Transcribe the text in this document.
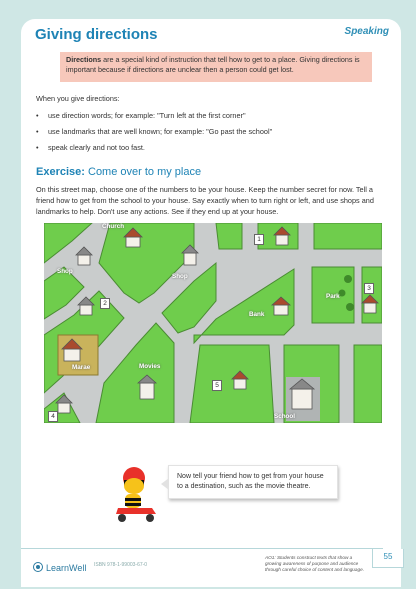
Speaking
Giving directions
Directions are a special kind of instruction that tell how to get to a place. Giving directions is important because if directions are unclear then a person could get lost.
When you give directions:
• use direction words; for example: "Turn left at the first corner"
• use landmarks that are well known; for example: "Go past the school"
• speak clearly and not too fast.
Exercise: Come over to my place
On this street map, choose one of the numbers to be your house. Keep the number secret for now. Tell a friend how to get from the school to your house. Say exactly when to turn right or left, and use shops and landmarks to help. Don't use any actions. See if they end up at your house.
Church
Shop
Shop
Park
Bank
Marae	Movies
School
1
2
3
4
5
Now tell your friend how to get from your house to a destination, such as the movie theatre.
LearnWell ISBN 978-1-99003-67-0
AO1: Students construct texts that show a growing awareness of purpose and audience through careful choice of content and language.
55
